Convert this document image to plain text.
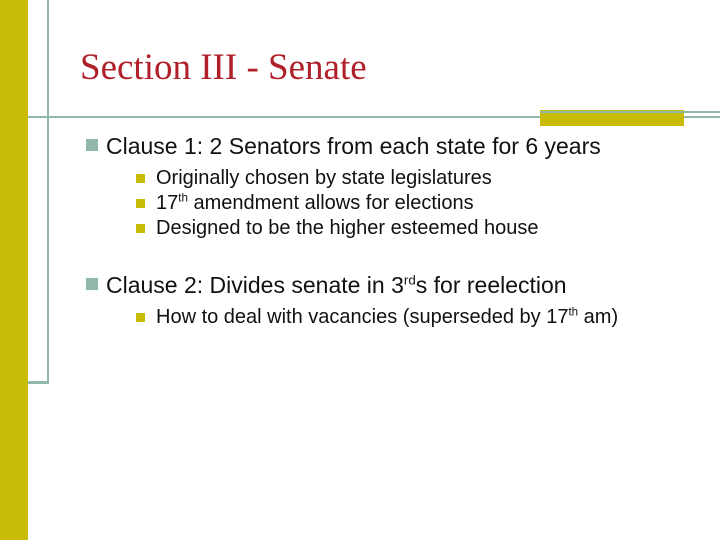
Section III - Senate
Clause 1: 2 Senators from each state for 6 years
Originally chosen by state legislatures
17th amendment allows for elections
Designed to be the higher esteemed house
Clause 2: Divides senate in 3rds for reelection
How to deal with vacancies (superseded by 17th am)
